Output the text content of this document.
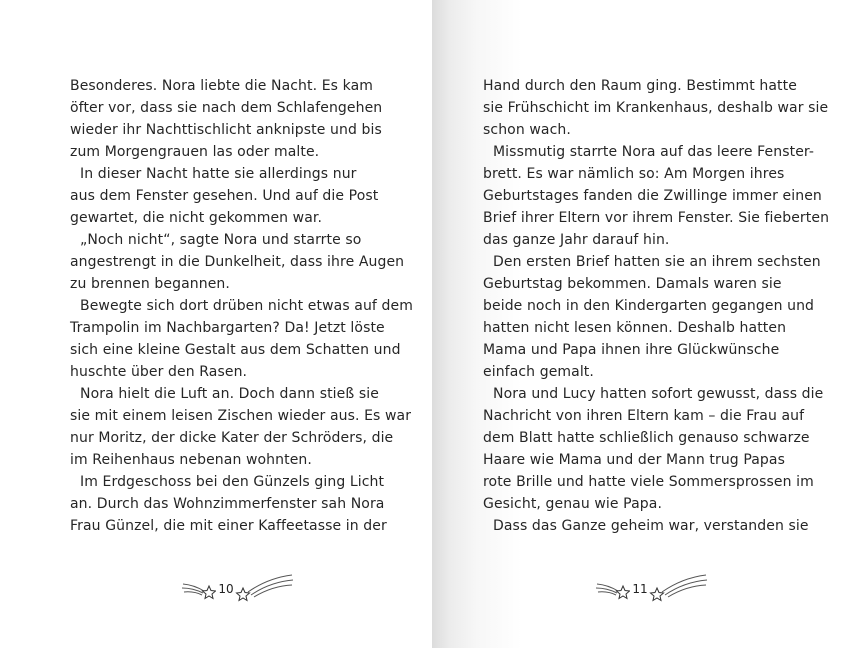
Besonderes. Nora liebte die Nacht. Es kam
öfter vor, dass sie nach dem Schlafengehen
wieder ihr Nachttischlicht anknipste und bis
zum Morgengrauen las oder malte.
In dieser Nacht hatte sie allerdings nur
aus dem Fenster gesehen. Und auf die Post
gewartet, die nicht gekommen war.
„Noch nicht“, sagte Nora und starrte so
angestrengt in die Dunkelheit, dass ihre Augen
zu brennen begannen.
Bewegte sich dort drüben nicht etwas auf dem
Trampolin im Nachbargarten? Da! Jetzt löste
sich eine kleine Gestalt aus dem Schatten und
huschte über den Rasen.
Nora hielt die Luft an. Doch dann stieß sie
sie mit einem leisen Zischen wieder aus. Es war
nur Moritz, der dicke Kater der Schröders, die
im Reihenhaus nebenan wohnten.
Im Erdgeschoss bei den Günzels ging Licht
an. Durch das Wohnzimmerfenster sah Nora
Frau Günzel, die mit einer Kaffeetasse in der
10
Hand durch den Raum ging. Bestimmt hatte
sie Frühschicht im Krankenhaus, deshalb war sie
schon wach.
Missmutig starrte Nora auf das leere Fenster-
brett. Es war nämlich so: Am Morgen ihres
Geburtstages fanden die Zwillinge immer einen
Brief ihrer Eltern vor ihrem Fenster. Sie fieberten
das ganze Jahr darauf hin.
Den ersten Brief hatten sie an ihrem sechsten
Geburtstag bekommen. Damals waren sie
beide noch in den Kindergarten gegangen und
hatten nicht lesen können. Deshalb hatten
Mama und Papa ihnen ihre Glückwünsche
einfach gemalt.
Nora und Lucy hatten sofort gewusst, dass die
Nachricht von ihren Eltern kam – die Frau auf
dem Blatt hatte schließlich genauso schwarze
Haare wie Mama und der Mann trug Papas
rote Brille und hatte viele Sommersprossen im
Gesicht, genau wie Papa.
Dass das Ganze geheim war, verstanden sie
11
